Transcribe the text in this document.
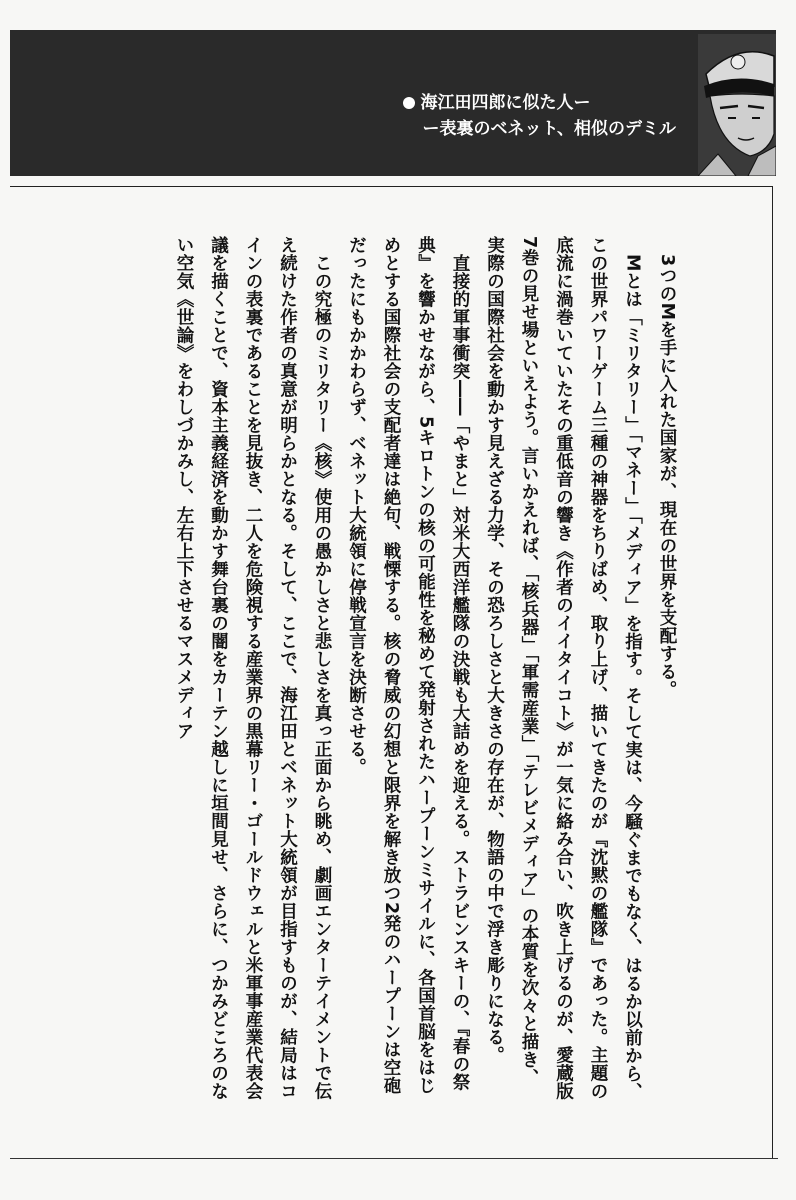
海江田四郎に似た人ー
ー表裏のベネット、相似のデミル

3つのMを手に入れた国家が、現在の世界を支配する。

Mとは「ミリタリー」「マネー」「メディア」を指す。そして実は、今騒ぐまでもなく、はるか以前から、この世界パワーゲーム三種の神器をちりばめ、取り上げ、描いてきたのが『沈黙の艦隊』であった。主題の底流に渦巻いていたその重低音の響き《作者のイイタイコト》が一気に絡み合い、吹き上げるのが、愛蔵版7巻の見せ場といえよう。言いかえれば、「核兵器」「軍需産業」「テレビメディア」の本質を次々と描き、実際の国際社会を動かす見えざる力学、その恐ろしさと大きさの存在が、物語の中で浮き彫りになる。

直接的軍事衝突――「やまと」対米大西洋艦隊の決戦も大詰めを迎える。ストラビンスキーの、『春の祭典』を響かせながら、5キロトンの核の可能性を秘めて発射されたハープーンミサイルに、各国首脳をはじめとする国際社会の支配者達は絶句、戦慄する。核の脅威の幻想と限界を解き放つ2発のハープーンは空砲だったにもかかわらず、ベネット大統領に停戦宣言を決断させる。

この究極のミリタリー《核》使用の愚かしさと悲しさを真っ正面から眺め、劇画エンターテイメントで伝え続けた作者の真意が明らかとなる。そして、ここで、海江田とベネット大統領が目指すものが、結局はコインの表裏であることを見抜き、二人を危険視する産業界の黒幕リー・ゴールドウェルと米軍事産業代表会議を描くことで、資本主義経済を動かす舞台裏の闇をカーテン越しに垣間見せ、さらに、つかみどころのない空気《世論》をわしづかみし、左右上下させるマスメディア
